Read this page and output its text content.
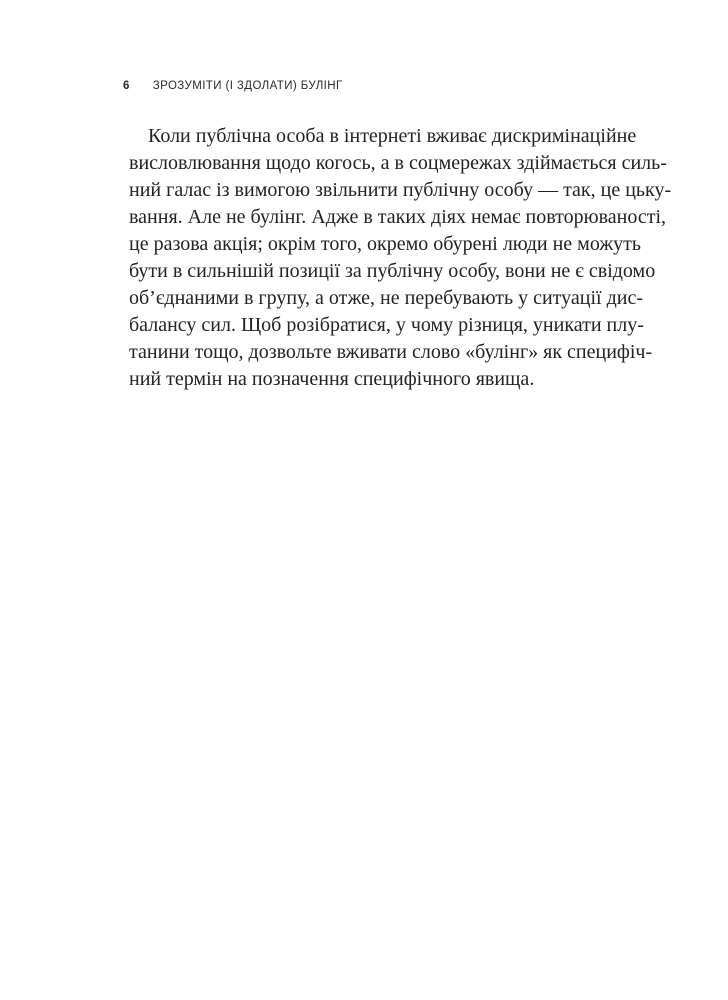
6 ЗРОЗУМІТИ (І ЗДОЛАТИ) БУЛІНГ
Коли публічна особа в інтернеті вживає дискримінаційне
висловлювання щодо когось, а в соцмережах здіймається силь-
ний галас із вимогою звільнити публічну особу — так, це цьку-
вання. Але не булінг. Адже в таких діях немає повторюваності,
це разова акція; окрім того, окремо обурені люди не можуть
бути в сильнішій позиції за публічну особу, вони не є свідомо
об’єднаними в групу, а отже, не перебувають у ситуації дис-
балансу сил. Щоб розібратися, у чому різниця, уникати плу-
танини тощо, дозвольте вживати слово «булінг» як специфіч-
ний термін на позначення специфічного явища.
